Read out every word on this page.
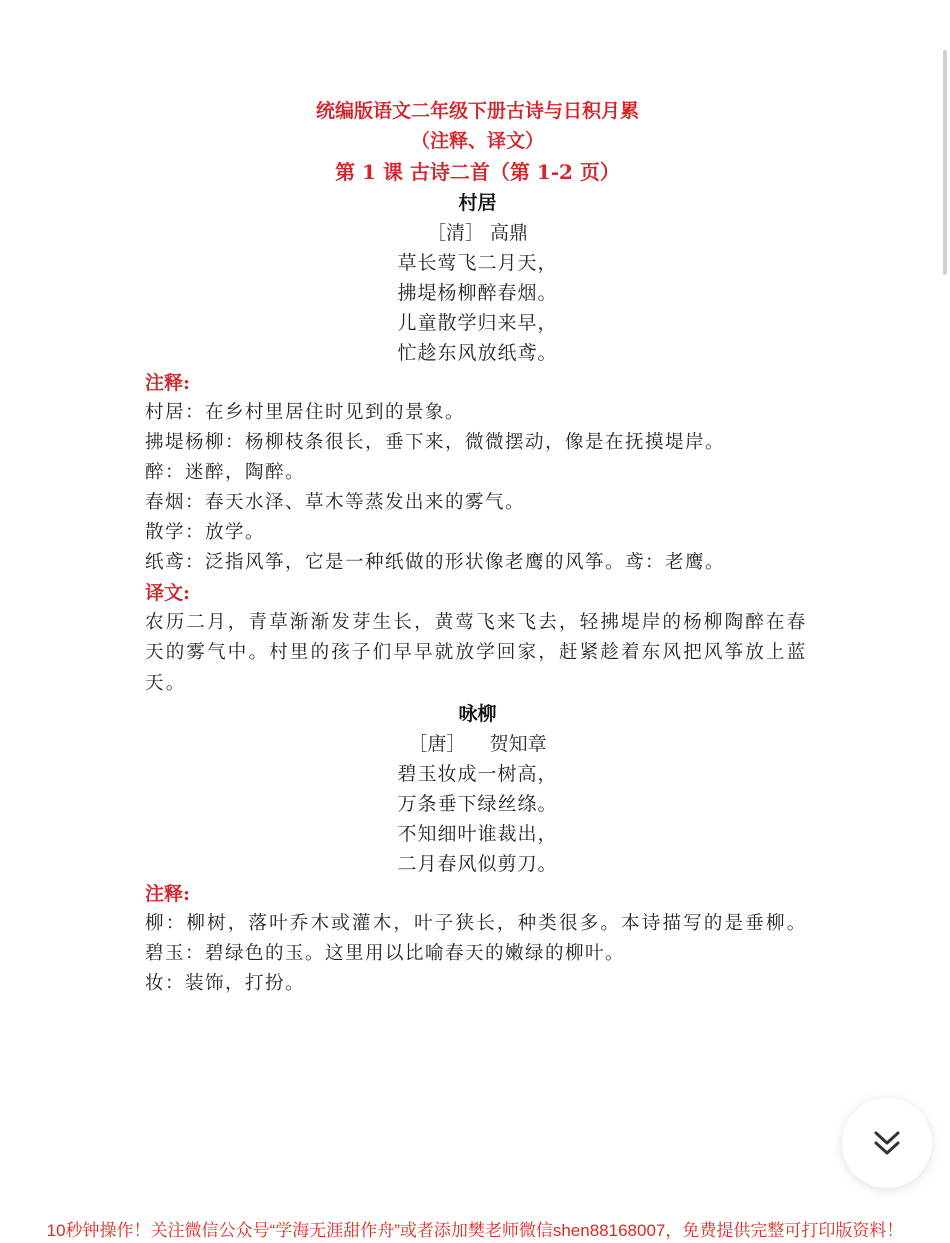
统编版语文二年级下册古诗与日积月累
（注释、译文）
第 1 课 古诗二首（第 1-2 页）
村居
［清］ 高鼎
草长莺飞二月天，
拂堤杨柳醉春烟。
儿童散学归来早，
忙趁东风放纸鸢。
注释:
村居：在乡村里居住时见到的景象。
拂堤杨柳：杨柳枝条很长，垂下来，微微摆动，像是在抚摸堤岸。
醉：迷醉，陶醉。
春烟：春天水泽、草木等蒸发出来的雾气。
散学：放学。
纸鸢：泛指风筝，它是一种纸做的形状像老鹰的风筝。鸢：老鹰。
译文:
农历二月，青草渐渐发芽生长，黄莺飞来飞去，轻拂堤岸的杨柳陶醉在春天的雾气中。村里的孩子们早早就放学回家，赶紧趁着东风把风筝放上蓝天。
咏柳
［唐］    贺知章
碧玉妆成一树高，
万条垂下绿丝绦。
不知细叶谁裁出，
二月春风似剪刀。
注释:
柳：柳树，落叶乔木或灌木，叶子狭长，种类很多。本诗描写的是垂柳。
碧玉：碧绿色的玉。这里用以比喻春天的嫩绿的柳叶。
妆：装饰，打扮。
10秒钟操作！关注微信公众号“学海无涯甜作舟”或者添加樊老师微信shen88168007，免费提供完整可打印版资料！
